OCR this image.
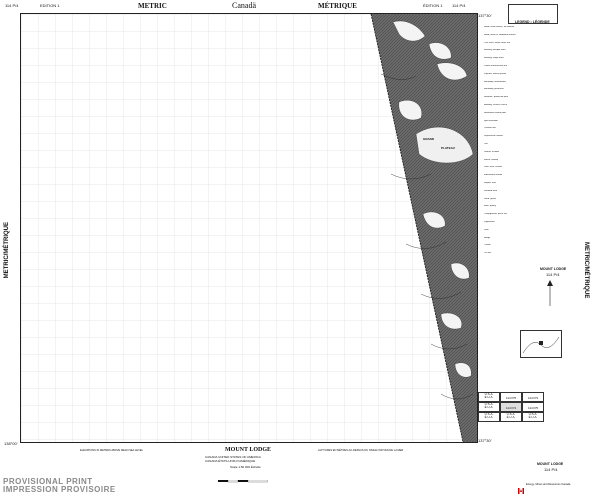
114 P/4	EDITION 1	METRIC	Canadä	MÉTRIQUE	ÉDITION 1 114 P/4
METRIC/MÉTRIQUE	METRIC/MÉTRIQUE
GRAND
PLATEAU
137°30'
137°30'
138°00'
LEGEND • LÉGENDE
Road, hard surface, all weather
Road, loose or stabilized surface
Cart track, winter road, trail
Railway, multiple track
Railway, single track
Power transmission line
Pipeline, above ground
Boundary, international
Boundary, provincial
National / provincial park
Building, school, church
Horizontal control point
Spot elevation
Contour line
Depression contour
Cliff
Glacier, icefield
Marsh, swamp
Lake, river, stream
Intermittent stream
Rapids, falls
Wooded area
Sand, gravel
Mine, quarry
Campground, picnic site
Lighthouse
Dam
Bridge
Tunnel
Cut line
MOUNT LODGE
114 P/4
U.S.A.
É.U.A.	114 P/5	114 P/3
U.S.A.
É.U.A.	114 P/4	114 P/5
U.S.A.
É.U.A.
U.S.A.
É.U.A.
U.S.A.
É.U.A.
MOUNT LODGE
114 P/4
ELEVATIONS IN METRES ABOVE MEAN SEA LEVEL	ALTITUDES EN MÈTRES AU-DESSUS DU NIVEAU MOYEN DE LA MER
MOUNT LODGE
CANADA UNITED STATES OF AMERICA
CANADA ÉTATS-UNIS D'AMÉRIQUE
Scale 1:50 000 Échelle
PROVISIONAL PRINT
IMPRESSION PROVISOIRE
Energy, Mines and Resources Canada
